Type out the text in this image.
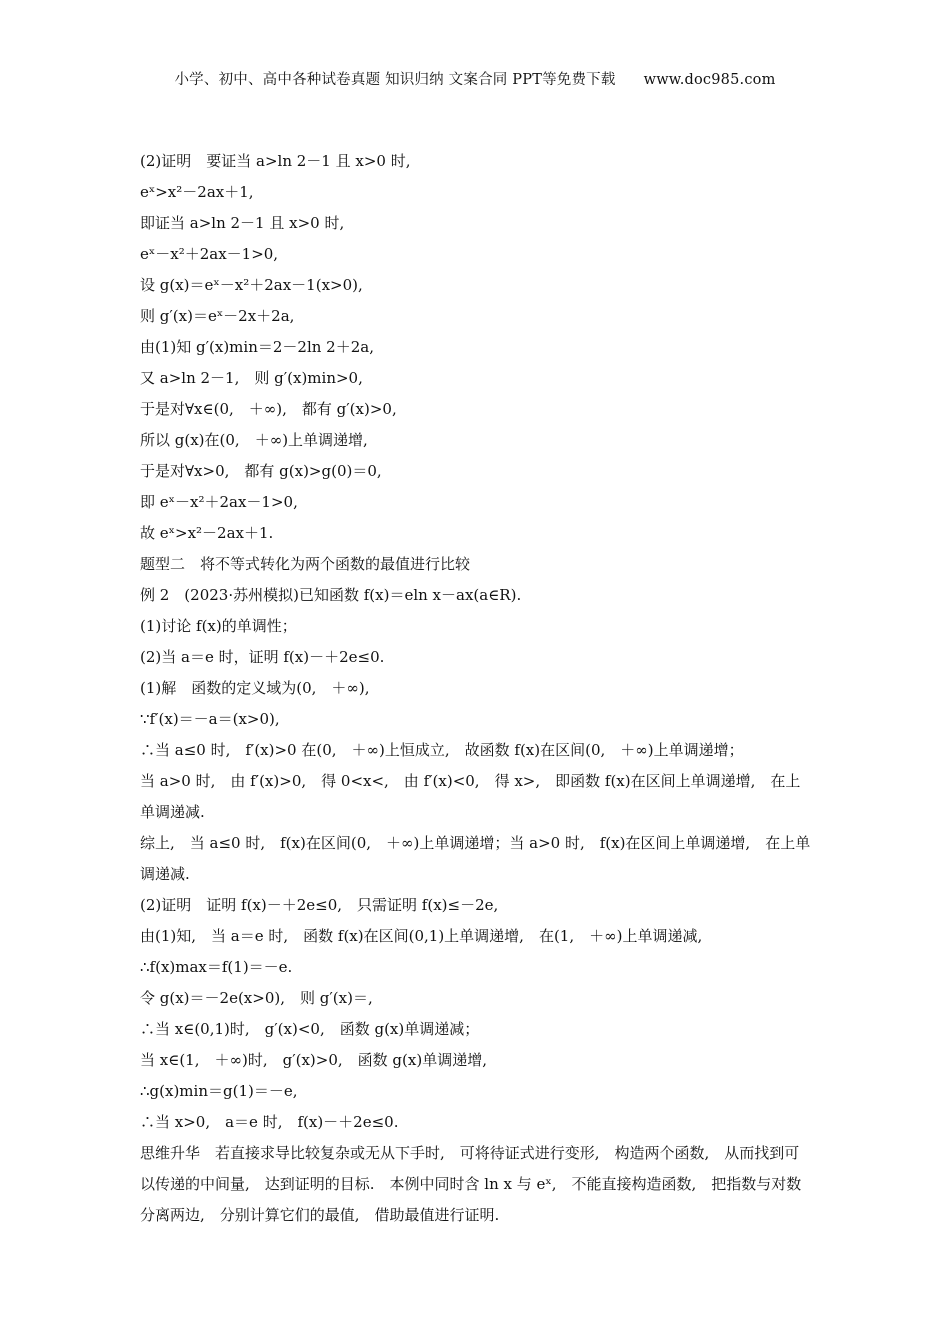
小学、初中、高中各种试卷真题 知识归纳 文案合同 PPT等免费下载 www.doc985.com
(2)证明　要证当 a>ln 2－1 且 x>0 时,
eˣ>x²－2ax＋1,
即证当 a>ln 2－1 且 x>0 时,
eˣ－x²＋2ax－1>0,
设 g(x)＝eˣ－x²＋2ax－1(x>0),
则 g′(x)＝eˣ－2x＋2a,
由(1)知 g′(x)min＝2－2ln 2＋2a,
又 a>ln 2－1,　则 g′(x)min>0,
于是对∀x∈(0,　＋∞),　都有 g′(x)>0,
所以 g(x)在(0,　＋∞)上单调递增,
于是对∀x>0,　都有 g(x)>g(0)＝0,
即 eˣ－x²＋2ax－1>0,
故 eˣ>x²－2ax＋1.
题型二　将不等式转化为两个函数的最值进行比较
例 2　(2023·苏州模拟)已知函数 f(x)＝eln x－ax(a∈R).
(1)讨论 f(x)的单调性；
(2)当 a＝e 时，证明 f(x)－＋2e≤0.
(1)解　函数的定义域为(0,　＋∞),
∵f′(x)＝－a＝(x>0),
∴当 a≤0 时,　f′(x)>0 在(0,　＋∞)上恒成立,　故函数 f(x)在区间(0,　＋∞)上单调递增；
当 a>0 时,　由 f′(x)>0,　得 0<x<,　由 f′(x)<0,　得 x>,　即函数 f(x)在区间上单调递增,　在上单调递减.
综上,　当 a≤0 时,　f(x)在区间(0,　＋∞)上单调递增；当 a>0 时,　f(x)在区间上单调递增,　在上单调递减.
(2)证明　证明 f(x)－＋2e≤0,　只需证明 f(x)≤－2e,
由(1)知,　当 a＝e 时,　函数 f(x)在区间(0,1)上单调递增,　在(1,　＋∞)上单调递减,
∴f(x)max＝f(1)＝－e.
令 g(x)＝－2e(x>0),　则 g′(x)＝,
∴当 x∈(0,1)时,　g′(x)<0,　函数 g(x)单调递减；
当 x∈(1,　＋∞)时,　g′(x)>0,　函数 g(x)单调递增,
∴g(x)min＝g(1)＝－e,
∴当 x>0,　a＝e 时,　f(x)－＋2e≤0.
思维升华　若直接求导比较复杂或无从下手时,　可将待证式进行变形,　构造两个函数,　从而找到可以传递的中间量,　达到证明的目标.　本例中同时含 ln x 与 eˣ,　不能直接构造函数,　把指数与对数分离两边,　分别计算它们的最值,　借助最值进行证明.
